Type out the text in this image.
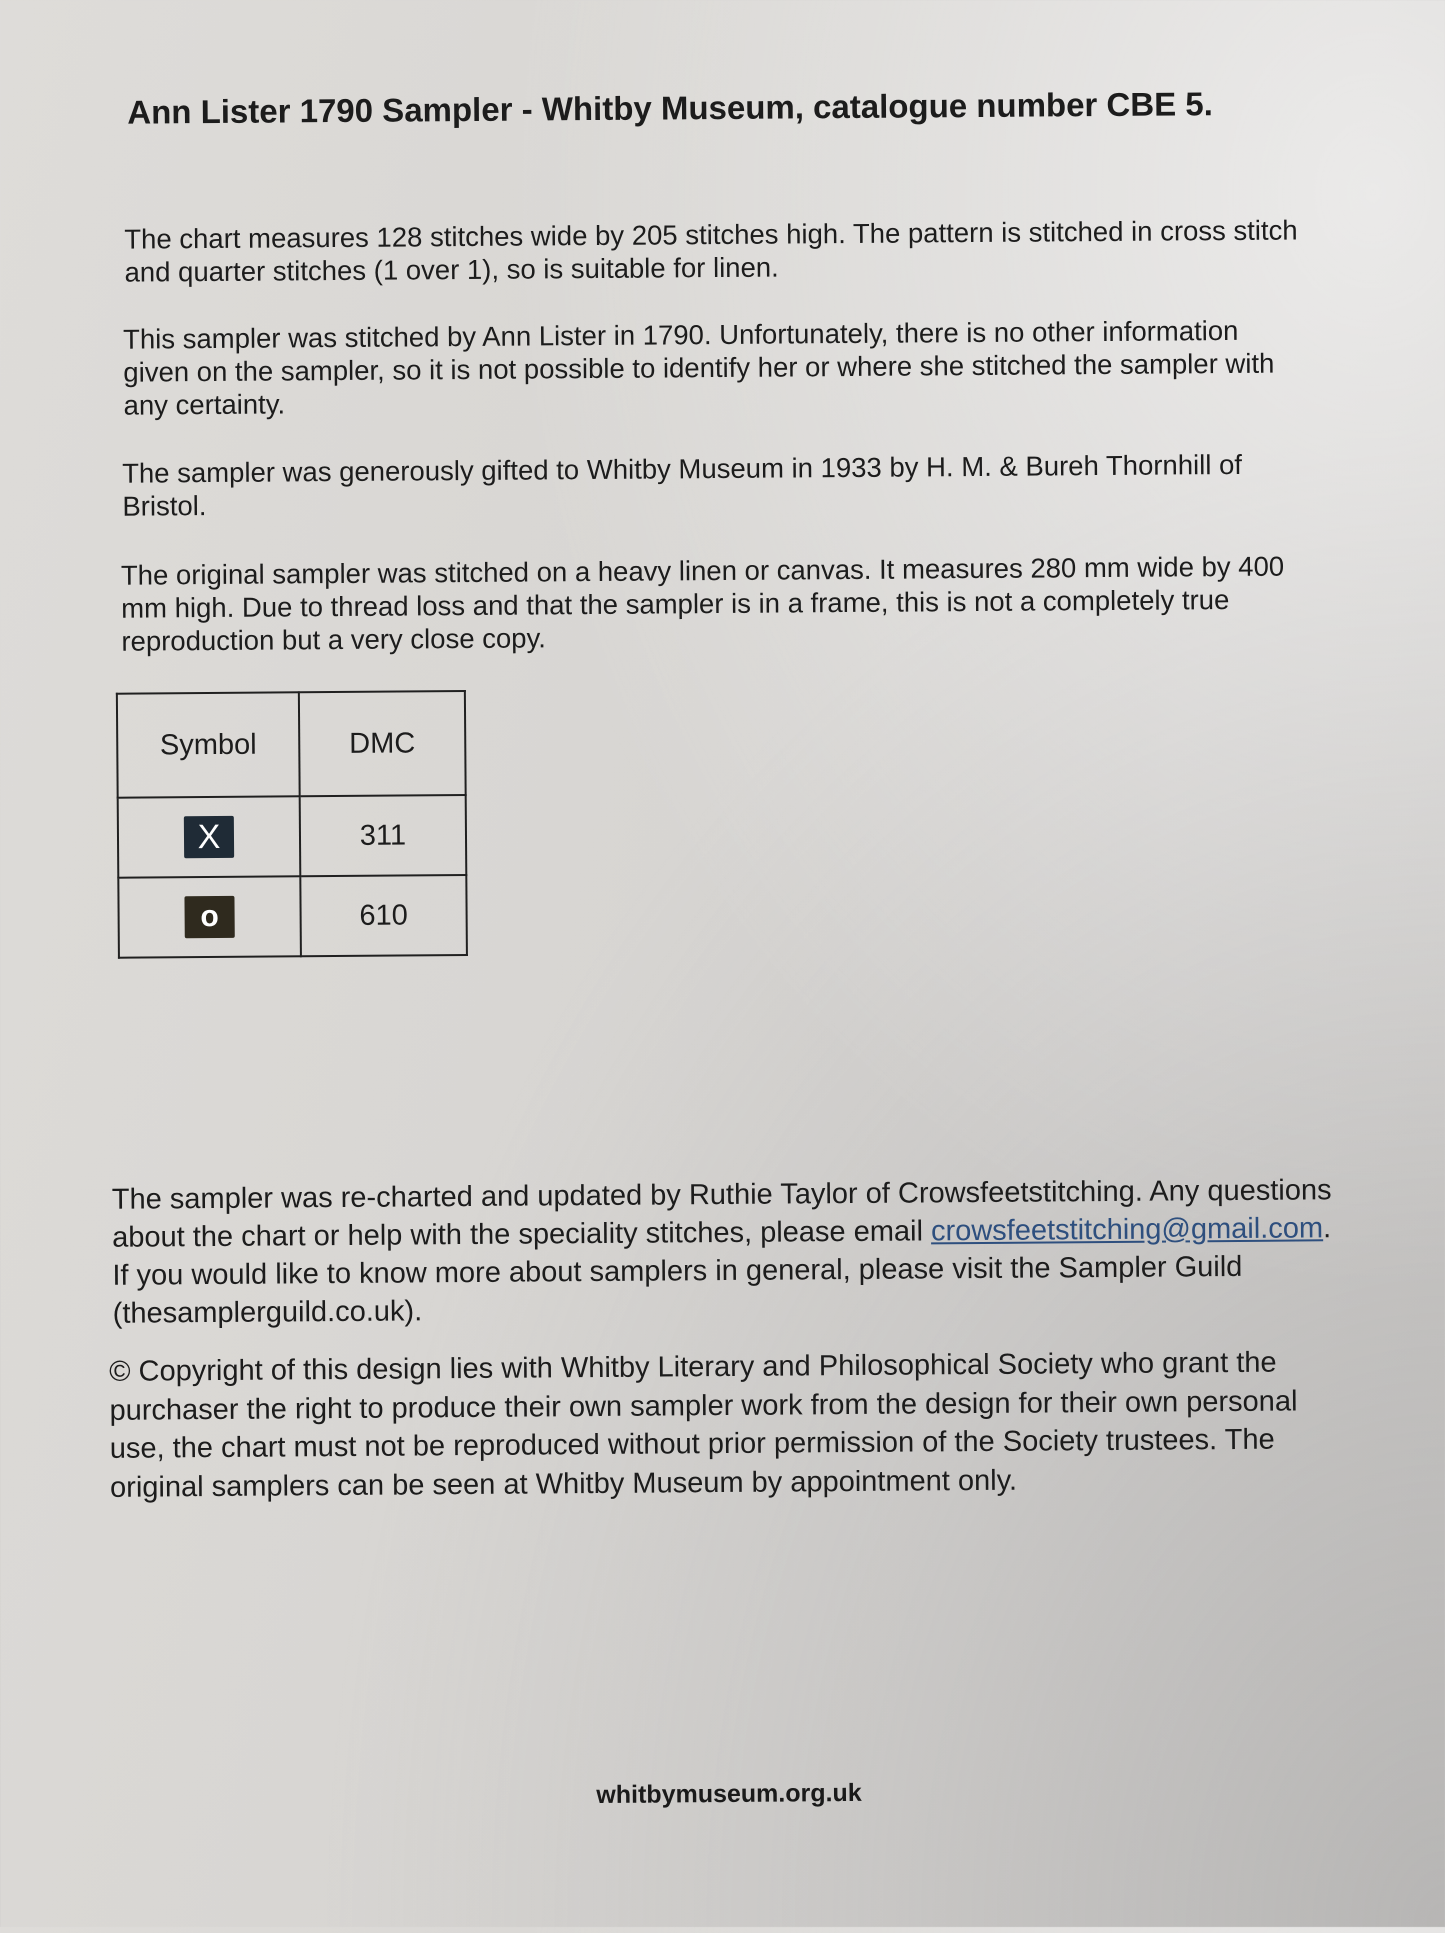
Ann Lister 1790 Sampler - Whitby Museum, catalogue number CBE 5.

The chart measures 128 stitches wide by 205 stitches high. The pattern is stitched in cross stitch and quarter stitches (1 over 1), so is suitable for linen.

This sampler was stitched by Ann Lister in 1790. Unfortunately, there is no other information given on the sampler, so it is not possible to identify her or where she stitched the sampler with any certainty.

The sampler was generously gifted to Whitby Museum in 1933 by H. M. & Bureh Thornhill of Bristol.

The original sampler was stitched on a heavy linen or canvas. It measures 280 mm wide by 400 mm high. Due to thread loss and that the sampler is in a frame, this is not a completely true reproduction but a very close copy.

Symbol	DMC
X	311
o	610

The sampler was re-charted and updated by Ruthie Taylor of Crowsfeetstitching. Any questions about the chart or help with the speciality stitches, please email crowsfeetstitching@gmail.com. If you would like to know more about samplers in general, please visit the Sampler Guild (thesamplerguild.co.uk).

© Copyright of this design lies with Whitby Literary and Philosophical Society who grant the purchaser the right to produce their own sampler work from the design for their own personal use, the chart must not be reproduced without prior permission of the Society trustees. The original samplers can be seen at Whitby Museum by appointment only.

whitbymuseum.org.uk
